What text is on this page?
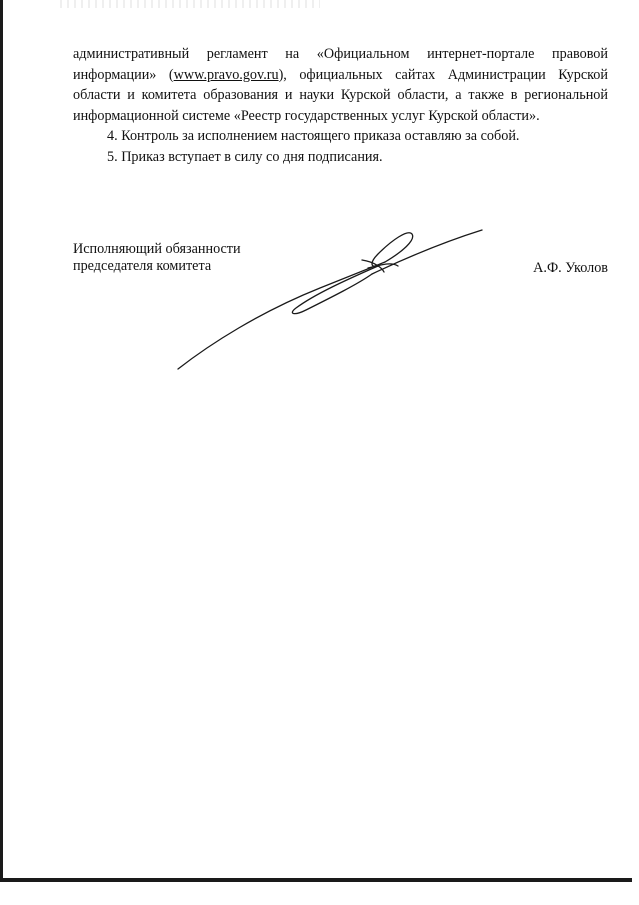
административный регламент на «Официальном интернет-портале правовой информации» (www.pravo.gov.ru), официальных сайтах Администрации Курской области и комитета образования и науки Курской области, а также в региональной информационной системе «Реестр государственных услуг Курской области».

4. Контроль за исполнением настоящего приказа оставляю за собой.

5. Приказ вступает в силу со дня подписания.

Исполняющий обязанности

председателя комитета	А.Ф. Уколов
